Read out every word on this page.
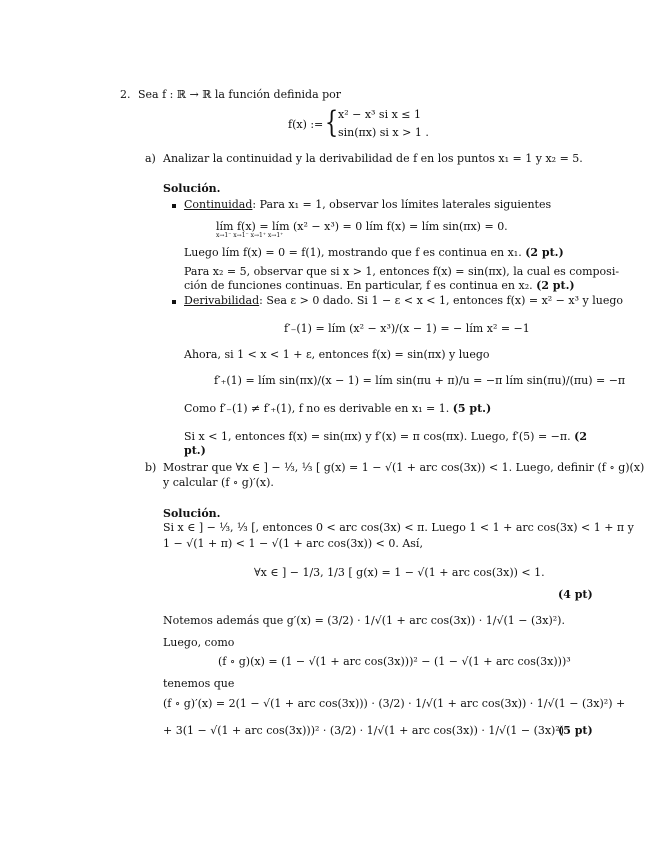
2. Sea f : ℝ → ℝ la función definida por
f(x) := { x² − x³ si x ≤ 1
sin(πx) si x > 1 .
a) Analizar la continuidad y la derivabilidad de f en los puntos x₁ = 1 y x₂ = 5.
Solución.
Continuidad: Para x₁ = 1, observar los límites laterales siguientes
lím f(x) = lím (x² − x³) = 0 lím f(x) = lím sin(πx) = 0.
x→1⁻ x→1⁻ x→1⁺ x→1⁺
Luego lím f(x) = 0 = f(1), mostrando que f es continua en x₁. (2 pt.)
Para x₂ = 5, observar que si x > 1, entonces f(x) = sin(πx), la cual es composi-
ción de funciones continuas. En particular, f es continua en x₂. (2 pt.)
Derivabilidad: Sea ε > 0 dado. Si 1 − ε < x < 1, entonces f(x) = x² − x³ y luego
f′₋(1) = lím (x² − x³)/(x − 1) = − lím x² = −1
Ahora, si 1 < x < 1 + ε, entonces f(x) = sin(πx) y luego
f′₊(1) = lím sin(πx)/(x − 1) = lím sin(πu + π)/u = −π lím sin(πu)/(πu) = −π
Como f′₋(1) ≠ f′₊(1), f no es derivable en x₁ = 1. (5 pt.)
Si x < 1, entonces f(x) = sin(πx) y f′(x) = π cos(πx). Luego, f′(5) = −π. (2
pt.)
b) Mostrar que ∀x ∈ ] − ⅓, ⅓ [ g(x) = 1 − √(1 + arc cos(3x)) < 1. Luego, definir (f ∘ g)(x)
y calcular (f ∘ g)′(x).
Solución.
Si x ∈ ] − ⅓, ⅓ [, entonces 0 < arc cos(3x) < π. Luego 1 < 1 + arc cos(3x) < 1 + π y
1 − √(1 + π) < 1 − √(1 + arc cos(3x)) < 0. Así,
∀x ∈ ] − 1/3, 1/3 [ g(x) = 1 − √(1 + arc cos(3x)) < 1.
(4 pt)
Notemos además que g′(x) = (3/2) · 1/√(1 + arc cos(3x)) · 1/√(1 − (3x)²).
Luego, como
(f ∘ g)(x) = (1 − √(1 + arc cos(3x)))² − (1 − √(1 + arc cos(3x)))³
tenemos que
(f ∘ g)′(x) = 2(1 − √(1 + arc cos(3x))) · (3/2) · 1/√(1 + arc cos(3x)) · 1/√(1 − (3x)²) +
+ 3(1 − √(1 + arc cos(3x)))² · (3/2) · 1/√(1 + arc cos(3x)) · 1/√(1 − (3x)²)
(5 pt)
